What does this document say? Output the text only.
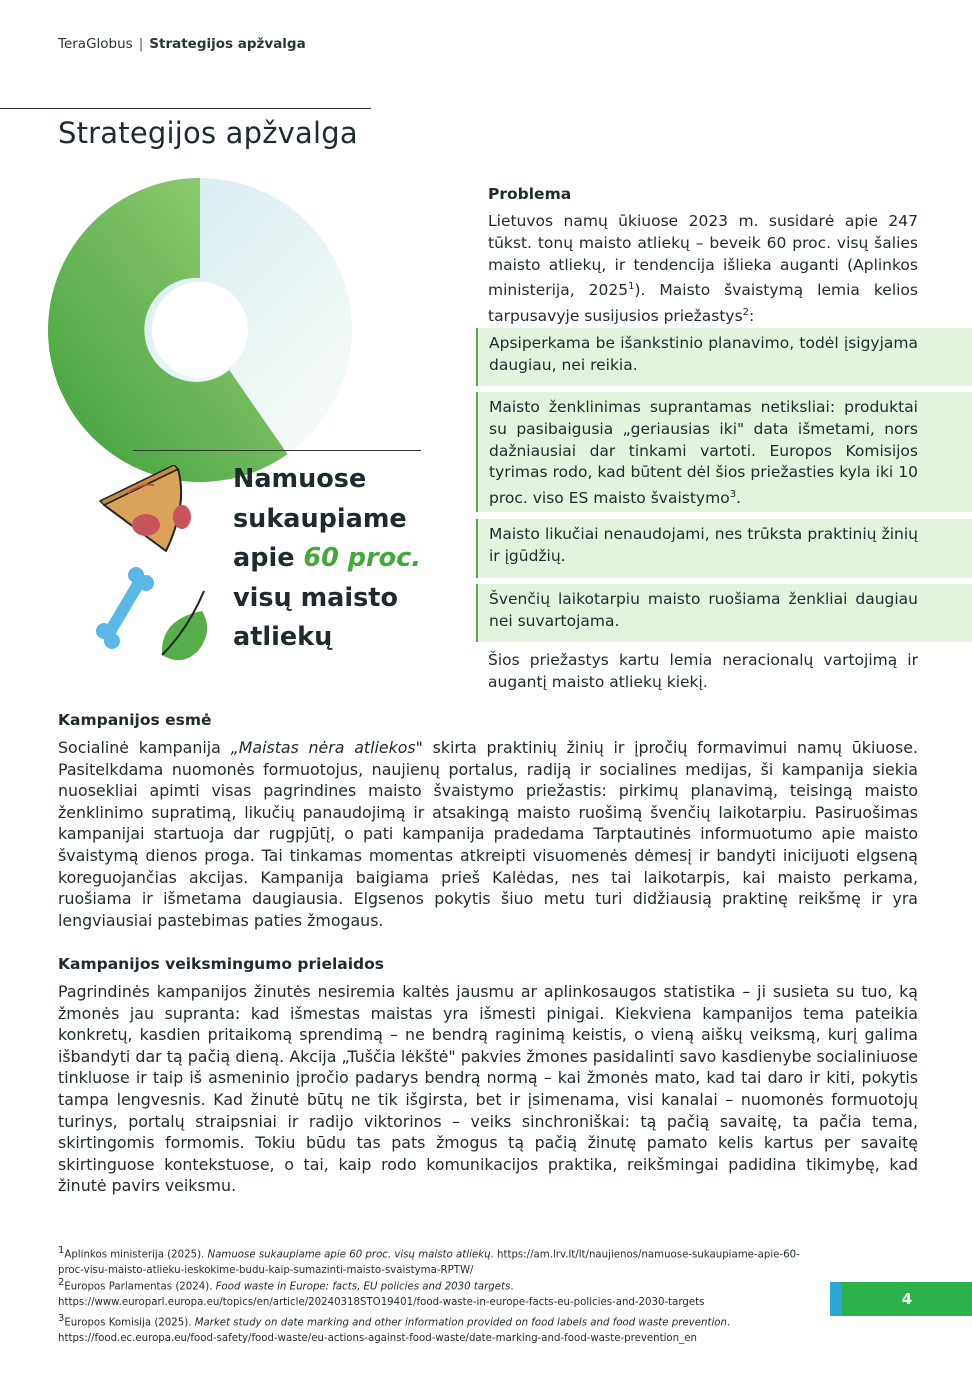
TeraGlobus | Strategijos apžvalga
Strategijos apžvalga
Namuose
sukaupiame
apie 60 proc.
visų maisto
atliekų
Problema
Lietuvos namų ūkiuose 2023 m. susidarė apie 247 tūkst. tonų maisto atliekų – beveik 60 proc. visų šalies maisto atliekų, ir tendencija išlieka auganti (Aplinkos ministerija, 2025$^1$). Maisto švaistymą lemia kelios tarpusavyje susijusios priežastys$^2$:
Apsiperkama be išankstinio planavimo, todėl įsigyjama daugiau, nei reikia.
Maisto ženklinimas suprantamas netiksliai: produktai su pasibaigusia „geriausias iki" data išmetami, nors dažniausiai dar tinkami vartoti. Europos Komisijos tyrimas rodo, kad būtent dėl šios priežasties kyla iki 10 proc. viso ES maisto švaistymo$^3$.
Maisto likučiai nenaudojami, nes trūksta praktinių žinių ir įgūdžių.
Švenčių laikotarpiu maisto ruošiama ženkliai daugiau nei suvartojama.
Šios priežastys kartu lemia neracionalų vartojimą ir augantį maisto atliekų kiekį.
Kampanijos esmė
Socialinė kampanija „Maistas nėra atliekos" skirta praktinių žinių ir įpročių formavimui namų ūkiuose. Pasitelkdama nuomonės formuotojus, naujienų portalus, radiją ir socialines medijas, ši kampanija siekia nuosekliai apimti visas pagrindines maisto švaistymo priežastis: pirkimų planavimą, teisingą maisto ženklinimo supratimą, likučių panaudojimą ir atsakingą maisto ruošimą švenčių laikotarpiu. Pasiruošimas kampanijai startuoja dar rugpjūtį, o pati kampanija pradedama Tarptautinės informuotumo apie maisto švaistymą dienos proga. Tai tinkamas momentas atkreipti visuomenės dėmesį ir bandyti inicijuoti elgseną koreguojančias akcijas. Kampanija baigiama prieš Kalėdas, nes tai laikotarpis, kai maisto perkama, ruošiama ir išmetama daugiausia. Elgsenos pokytis šiuo metu turi didžiausią praktinę reikšmę ir yra lengviausiai pastebimas paties žmogaus.
Kampanijos veiksmingumo prielaidos
Pagrindinės kampanijos žinutės nesiremia kaltės jausmu ar aplinkosaugos statistika – ji susieta su tuo, ką žmonės jau supranta: kad išmestas maistas yra išmesti pinigai. Kiekviena kampanijos tema pateikia konkretų, kasdien pritaikomą sprendimą – ne bendrą raginimą keistis, o vieną aiškų veiksmą, kurį galima išbandyti dar tą pačią dieną. Akcija „Tuščia lėkštė" pakvies žmones pasidalinti savo kasdienybe socialiniuose tinkluose ir taip iš asmeninio įpročio padarys bendrą normą – kai žmonės mato, kad tai daro ir kiti, pokytis tampa lengvesnis. Kad žinutė būtų ne tik išgirsta, bet ir įsimenama, visi kanalai – nuomonės formuotojų turinys, portalų straipsniai ir radijo viktorinos – veiks sinchroniškai: tą pačią savaitę, ta pačia tema, skirtingomis formomis. Tokiu būdu tas pats žmogus tą pačią žinutę pamato kelis kartus per savaitę skirtinguose kontekstuose, o tai, kaip rodo komunikacijos praktika, reikšmingai padidina tikimybę, kad žinutė pavirs veiksmu.
$^1$Aplinkos ministerija (2025). Namuose sukaupiame apie 60 proc. visų maisto atliekų. https://am.lrv.lt/lt/naujienos/namuose-sukaupiame-apie-60-proc-visu-maisto-atlieku-ieskokime-budu-kaip-sumazinti-maisto-svaistyma-RPTW/
$^2$Europos Parlamentas (2024). Food waste in Europe: facts, EU policies and 2030 targets. https://www.europarl.europa.eu/topics/en/article/20240318STO19401/food-waste-in-europe-facts-eu-policies-and-2030-targets
$^3$Europos Komisija (2025). Market study on date marking and other information provided on food labels and food waste prevention. https://food.ec.europa.eu/food-safety/food-waste/eu-actions-against-food-waste/date-marking-and-food-waste-prevention_en
4
